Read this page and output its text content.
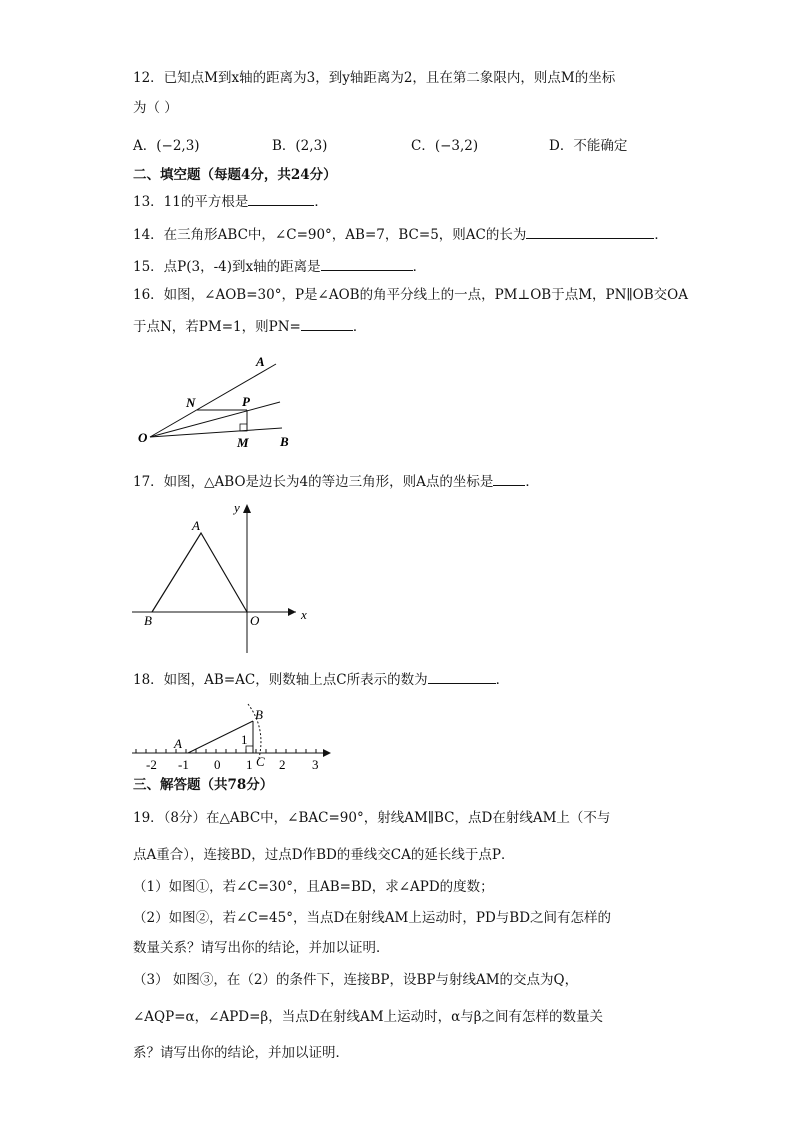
12．已知点M到x轴的距离为3，到y轴距离为2，且在第二象限内，则点M的坐标
为（ ）
A．(−2,3)	B．(2,3)	C．(−3,2)	D．不能确定
二、填空题（每题4分，共24分）
13．11的平方根是	．
14．在三角形ABC中，∠C=90°，AB=7，BC=5，则AC的长为	．
15．点P(3，-4)到x轴的距离是	．
16．如图，∠AOB=30°，P是∠AOB的角平分线上的一点，PM⊥OB于点M，PN∥OB交OA
于点N，若PM=1，则PN=	．
A
N	P
O	M B
17．如图，△ABO是边长为4的等边三角形，则A点的坐标是 ．
A
B	O	x
y
18．如图，AB=AC，则数轴上点C所表示的数为	．
A
B
C
1
-2 -1 0 1 2 3
三、解答题（共78分）
19．（8分）在△ABC中，∠BAC=90°，射线AM∥BC，点D在射线AM上（不与
点A重合），连接BD，过点D作BD的垂线交CA的延长线于点P．
（1）如图①，若∠C=30°，且AB=BD，求∠APD的度数；
（2）如图②，若∠C=45°，当点D在射线AM上运动时，PD与BD之间有怎样的
数量关系？请写出你的结论，并加以证明．
（3） 如图③，在（2）的条件下，连接BP，设BP与射线AM的交点为Q，
∠AQP=α，∠APD=β，当点D在射线AM上运动时，α与β之间有怎样的数量关
系？请写出你的结论，并加以证明．
